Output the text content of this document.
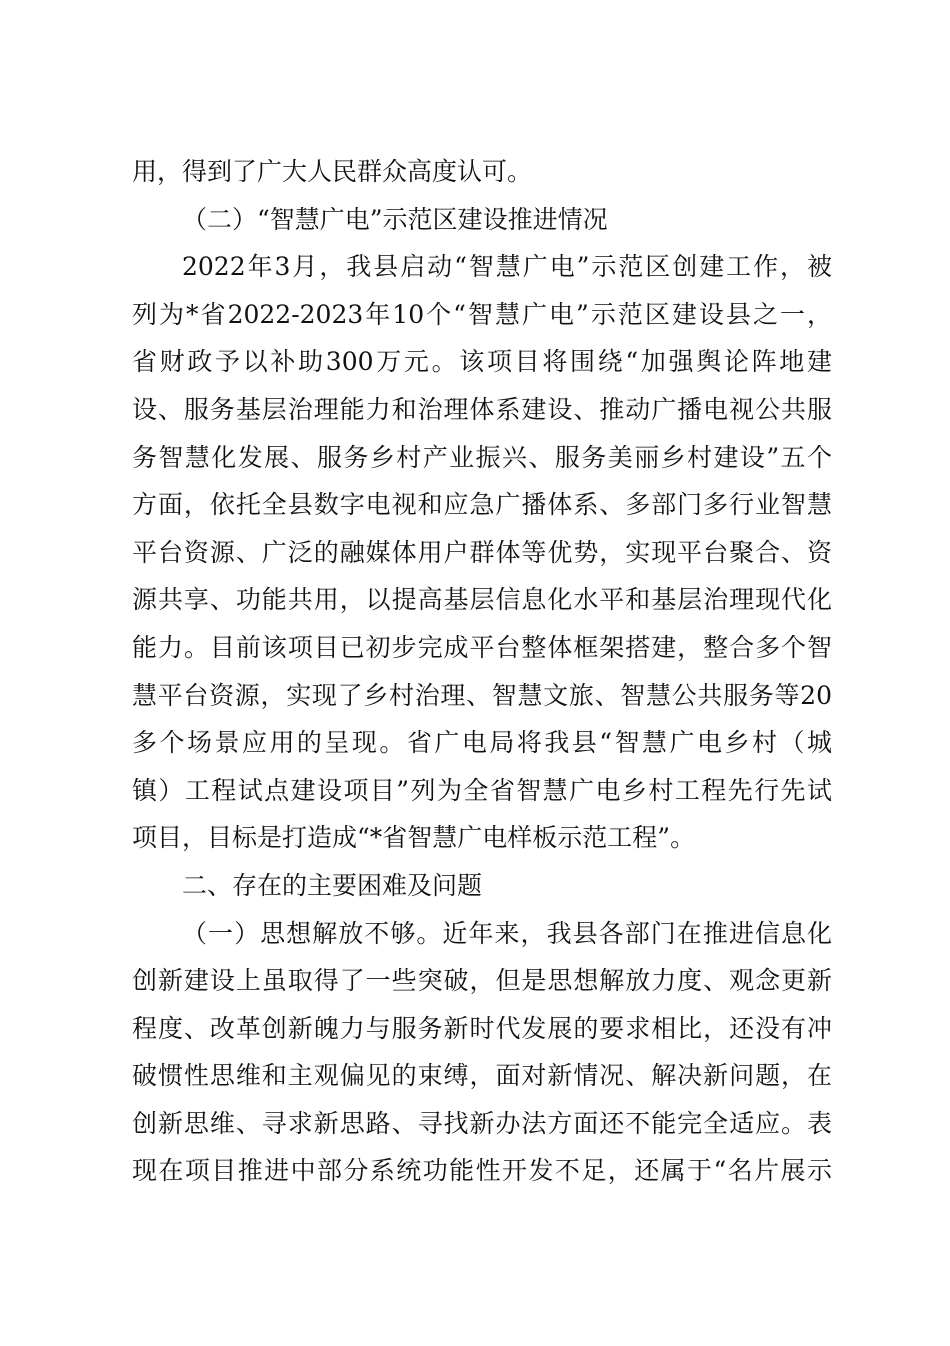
用，得到了广大人民群众高度认可。
（二）“智慧广电”示范区建设推进情况
2022年3月，我县启动“智慧广电”示范区创建工作，被
列为*省2022-2023年10个“智慧广电”示范区建设县之一，
省财政予以补助300万元。该项目将围绕“加强舆论阵地建
设、服务基层治理能力和治理体系建设、推动广播电视公共服
务智慧化发展、服务乡村产业振兴、服务美丽乡村建设”五个
方面，依托全县数字电视和应急广播体系、多部门多行业智慧
平台资源、广泛的融媒体用户群体等优势，实现平台聚合、资
源共享、功能共用，以提高基层信息化水平和基层治理现代化
能力。目前该项目已初步完成平台整体框架搭建，整合多个智
慧平台资源，实现了乡村治理、智慧文旅、智慧公共服务等20
多个场景应用的呈现。省广电局将我县“智慧广电乡村（城
镇）工程试点建设项目”列为全省智慧广电乡村工程先行先试
项目，目标是打造成“*省智慧广电样板示范工程”。
二、存在的主要困难及问题
（一）思想解放不够。近年来，我县各部门在推进信息化
创新建设上虽取得了一些突破，但是思想解放力度、观念更新
程度、改革创新魄力与服务新时代发展的要求相比，还没有冲
破惯性思维和主观偏见的束缚，面对新情况、解决新问题，在
创新思维、寻求新思路、寻找新办法方面还不能完全适应。表
现在项目推进中部分系统功能性开发不足，还属于“名片展示
